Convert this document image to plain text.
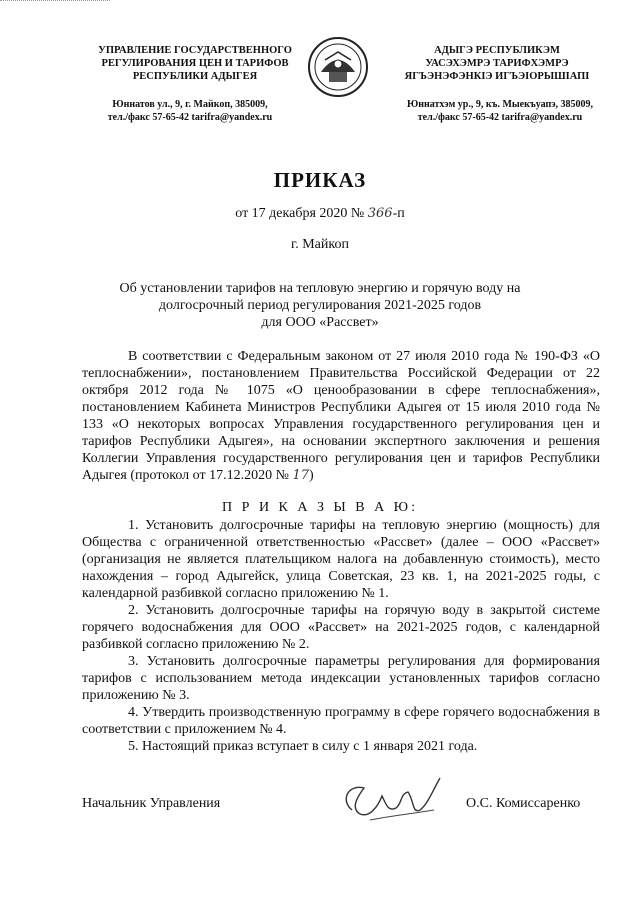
УПРАВЛЕНИЕ ГОСУДАРСТВЕННОГО
РЕГУЛИРОВАНИЯ ЦЕН И ТАРИФОВ
РЕСПУБЛИКИ АДЫГЕЯ
АДЫГЭ РЕСПУБЛИКЭМ
УАСЭХЭМРЭ ТАРИФХЭМРЭ
ЯГЪЭНЭФЭНКIЭ ИГЪЭIОРЫШIАПI
Юннатов ул., 9, г. Майкоп, 385009,
тел./факс 57-65-42 tarifra@yandex.ru
Юннатхэм ур., 9, къ. Мыекъуапэ, 385009,
тел./факс 57-65-42 tarifra@yandex.ru
ПРИКАЗ
от 17 декабря 2020 № 366-п
г. Майкоп
Об установлении тарифов на тепловую энергию и горячую воду на
долгосрочный период регулирования 2021-2025 годов
для ООО «Рассвет»
В соответствии с Федеральным законом от 27 июля 2010 года № 190-ФЗ «О теплоснабжении», постановлением Правительства Российской Федерации от 22 октября 2012 года № 1075 «О ценообразовании в сфере теплоснабжения», постановлением Кабинета Министров Республики Адыгея от 15 июля 2010 года № 133 «О некоторых вопросах Управления государственного регулирования цен и тарифов Республики Адыгея», на основании экспертного заключения и решения Коллегии Управления государственного регулирования цен и тарифов Республики Адыгея (протокол от 17.12.2020 № 17)
П Р И К А З Ы В А Ю:

1. Установить долгосрочные тарифы на тепловую энергию (мощность) для Общества с ограниченной ответственностью «Рассвет» (далее – ООО «Рассвет» (организация не является плательщиком налога на добавленную стоимость), место нахождения – город Адыгейск, улица Советская, 23 кв. 1, на 2021-2025 годы, с календарной разбивкой согласно приложению № 1.

2. Установить долгосрочные тарифы на горячую воду в закрытой системе горячего водоснабжения для ООО «Рассвет» на 2021-2025 годов, с календарной разбивкой согласно приложению № 2.

3. Установить долгосрочные параметры регулирования для формирования тарифов с использованием метода индексации установленных тарифов согласно приложению № 3.

4. Утвердить производственную программу в сфере горячего водоснабжения в соответствии с приложением № 4.

5. Настоящий приказ вступает в силу с 1 января 2021 года.

Начальник Управления	О.С. Комиссаренко
